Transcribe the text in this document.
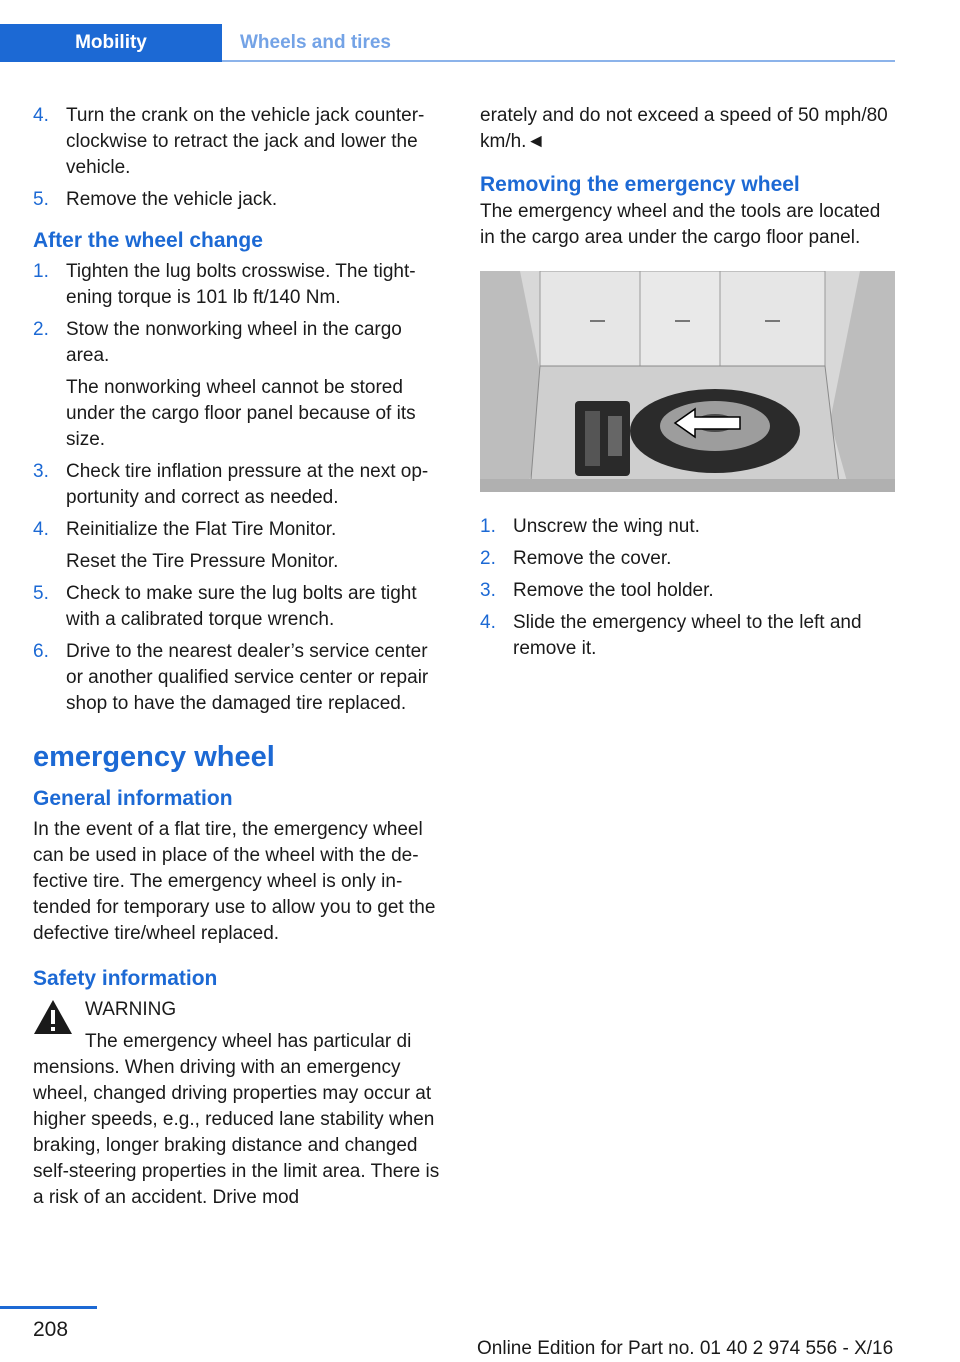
Mobility	Wheels and tires
4. Turn the crank on the vehicle jack counterclockwise to retract the jack and lower the vehicle.

5. Remove the vehicle jack.

After the wheel change
1. Tighten the lug bolts crosswise. The tightening torque is 101 lb ft/140 Nm.

2. Stow the nonworking wheel in the cargo area.

The nonworking wheel cannot be stored under the cargo floor panel because of its size.

3. Check tire inflation pressure at the next opportunity and correct as needed.

4. Reinitialize the Flat Tire Monitor.

Reset the Tire Pressure Monitor.

5. Check to make sure the lug bolts are tight with a calibrated torque wrench.

6. Drive to the nearest dealer’s service center or another qualified service center or repair shop to have the damaged tire replaced.

emergency wheel
General information

In the event of a flat tire, the emergency wheel can be used in place of the wheel with the defective tire. The emergency wheel is only intended for temporary use to allow you to get the defective tire/wheel replaced.

Safety information

WARNING

The emergency wheel has particular di

mensions. When driving with an emergency wheel, changed driving properties may occur at higher speeds, e.g., reduced lane stability when braking, longer braking distance and changed self-steering properties in the limit area. There is a risk of an accident. Drive mod

erately and do not exceed a speed of 50 mph/80 km/h.◄

Removing the emergency wheel

The emergency wheel and the tools are located in the cargo area under the cargo floor panel.

1. Unscrew the wing nut.

2. Remove the cover.

3. Remove the tool holder.

4. Slide the emergency wheel to the left and remove it.

208
Online Edition for Part no. 01 40 2 974 556 - X/16
